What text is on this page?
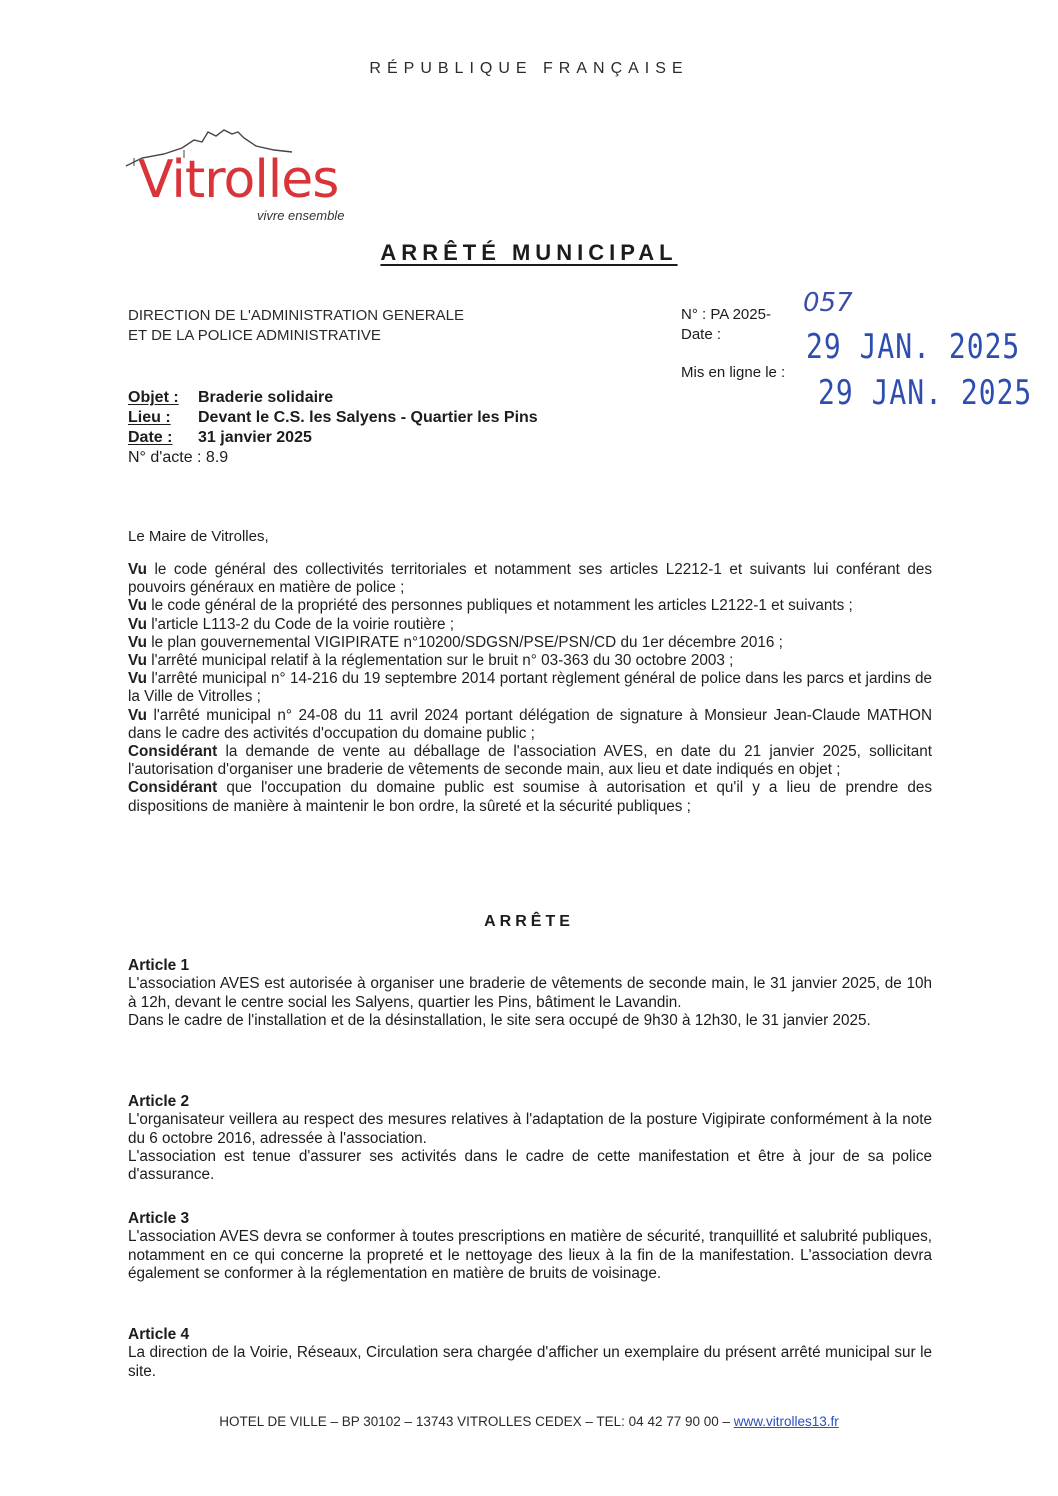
RÉPUBLIQUE FRANÇAISE
Vitrolles
vivre ensemble
ARRÊTÉ MUNICIPAL
DIRECTION DE L'ADMINISTRATION GENERALE
ET DE LA POLICE ADMINISTRATIVE
N° : PA 2025- 057
Date :	29 JAN. 2025
Mis en ligne le :
29 JAN. 2025
Objet : Braderie solidaire
Lieu : Devant le C.S. les Salyens - Quartier les Pins
Date : 31 janvier 2025
N° d'acte : 8.9
Le Maire de Vitrolles,

Vu le code général des collectivités territoriales et notamment ses articles L2212-1 et suivants lui conférant des pouvoirs généraux en matière de police ;

Vu le code général de la propriété des personnes publiques et notamment les articles L2122-1 et suivants ;

Vu l'article L113-2 du Code de la voirie routière ;

Vu le plan gouvernemental VIGIPIRATE n°10200/SDGSN/PSE/PSN/CD du 1er décembre 2016 ;

Vu l'arrêté municipal relatif à la réglementation sur le bruit n° 03-363 du 30 octobre 2003 ;

Vu l'arrêté municipal n° 14-216 du 19 septembre 2014 portant règlement général de police dans les parcs et jardins de la Ville de Vitrolles ;

Vu l'arrêté municipal n° 24-08 du 11 avril 2024 portant délégation de signature à Monsieur Jean-Claude MATHON dans le cadre des activités d'occupation du domaine public ;

Considérant la demande de vente au déballage de l'association AVES, en date du 21 janvier 2025, sollicitant l'autorisation d'organiser une braderie de vêtements de seconde main, aux lieu et date indiqués en objet ;

Considérant que l'occupation du domaine public est soumise à autorisation et qu'il y a lieu de prendre des dispositions de manière à maintenir le bon ordre, la sûreté et la sécurité publiques ;

ARRÊTE
Article 1

L'association AVES est autorisée à organiser une braderie de vêtements de seconde main, le 31 janvier 2025, de 10h à 12h, devant le centre social les Salyens, quartier les Pins, bâtiment le Lavandin.

Dans le cadre de l'installation et de la désinstallation, le site sera occupé de 9h30 à 12h30, le 31 janvier 2025.

Article 2

L'organisateur veillera au respect des mesures relatives à l'adaptation de la posture Vigipirate conformément à la note du 6 octobre 2016, adressée à l'association.

L'association est tenue d'assurer ses activités dans le cadre de cette manifestation et être à jour de sa police d'assurance.

Article 3

L'association AVES devra se conformer à toutes prescriptions en matière de sécurité, tranquillité et salubrité publiques, notamment en ce qui concerne la propreté et le nettoyage des lieux à la fin de la manifestation. L'association devra également se conformer à la réglementation en matière de bruits de voisinage.

Article 4

La direction de la Voirie, Réseaux, Circulation sera chargée d'afficher un exemplaire du présent arrêté municipal sur le site.

HOTEL DE VILLE – BP 30102 – 13743 VITROLLES CEDEX – TEL: 04 42 77 90 00 – www.vitrolles13.fr
